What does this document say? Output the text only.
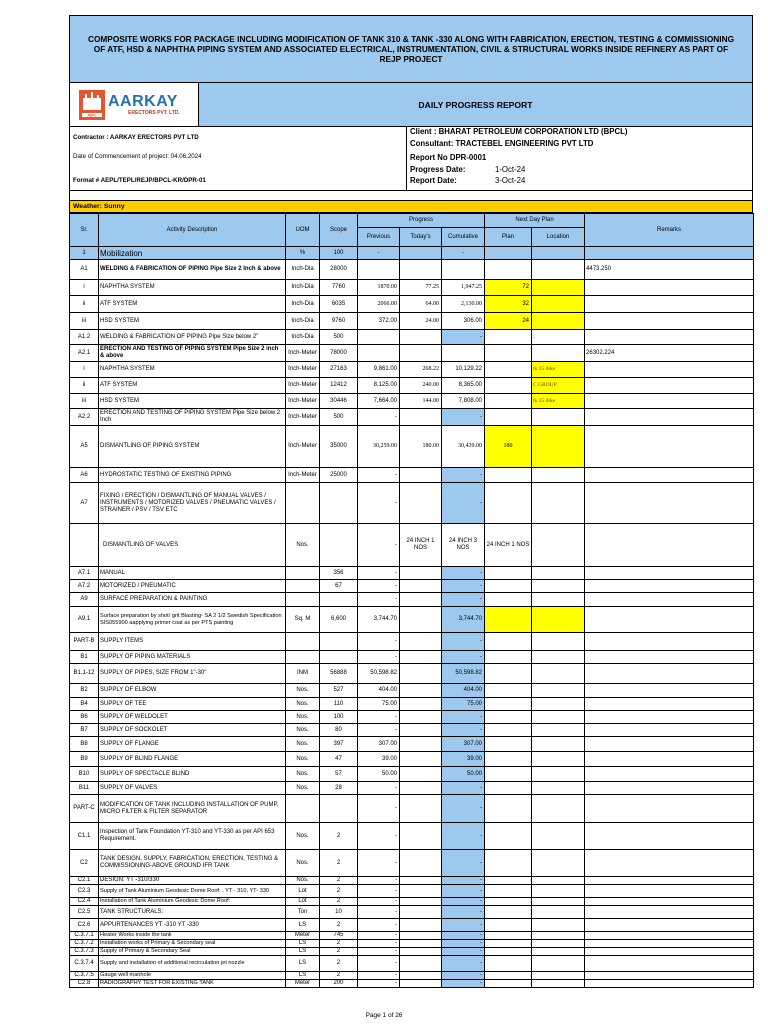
COMPOSITE WORKS FOR PACKAGE INCLUDING MODIFICATION OF TANK 310 & TANK -330 ALONG WITH FABRICATION, ERECTION, TESTING & COMMISSIONING OF ATF, HSD & NAPHTHA PIPING SYSTEM AND ASSOCIATED ELECTRICAL, INSTRUMENTATION, CIVIL & STRUCTURAL WORKS INSIDE REFINERY AS PART OF REJP PROJECT
AEPL
AARKAY
ERECTORS PVT. LTD.
DAILY PROGRESS REPORT
Contractor : AARKAY ERECTORS PVT LTD
Date of Commencement of project: 04.06.2024
Format # AEPL/TEPL/REJP/BPCL-KR/DPR-01
Client : BHARAT PETROLEUM CORPORATION LTD (BPCL)
Consultant: TRACTEBEL ENGINEERING PVT LTD
Report No DPR-0001
Progress Date:	1-Oct-24
Report Date:	3-Oct-24
Weather: Sunny
Sr.	Activity Description	UOM	Scope	Progress			Next Day Plan		Remarks
				Previous	Today's	Cumulative	Plan	Location	
1	Mobilization	%	100	-		-			
A1	WELDING & FABRICATION OF PIPING Pipe Size 2 Inch & above	Inch-Dia	28000						4473.250
i	NAPHTHA SYSTEM	Inch-Dia	7760	1870.00	77.25	1,947.25	72		
ii	ATF SYSTEM	Inch-Dia	6035	2066.00	64.00	2,130.00	32		
iii	HSD SYSTEM	Inch-Dia	9760	372.00	24.00	306.00	24		
A1.2	WELDING & FABRICATION OF PIPING Pipe Size below 2"	Inch-Dia	500			-		.	
A2.1	ERECTION AND TESTING OF PIPING SYSTEM Pipe Size 2 inch & above	Inch-Meter	78000						26302.224
i	NAPHTHA SYSTEM	Inch-Meter	27163	9,861.00	268.22	10,129.22		tk 15 dike	
ii	ATF SYSTEM	Inch-Meter	12412	8,125.00	240.00	8,365.00		C GROUP	
iii	HSD SYSTEM	Inch-Meter	30446	7,664.00	144.00	7,808.00		tk 15 dike	
A2.2	ERECTION AND TESTING OF PIPING SYSTEM Pipe Size below 2 Inch	Inch-Meter	500	-		-			
A5	DISMANTLING OF PIPING SYSTEM	Inch-Meter	35000	30,259.00	180.00	30,439.00	180		
A6	HYDROSTATIC TESTING OF EXISTING PIPING	Inch-Meter	25000	-		-			
A7	FIXING / ERECTION / DISMANTLING OF MANUAL VALVES / INSTRUMENTS / MOTORIZED VALVES / PNEUMATIC VALVES / STRAINER / PSV / TSV ETC			-		-			
	DISMANTLING OF VALVES	Nos.		-	24 INCH 1 NOS	24 INCH 3 NOS	24 INCH 1 NOS		
A7.1	MANUAL		356	-		-			
A7.2	MOTORIZED / PNEUMATIC		67	-		-			
A9	SURFACE PREPARATION & PAINTING			-		-			
A9.1	Surface preparation by shot/ grit Blasting- SA 2 1/2 Swedish Specification SIS055900 aapplying primer coat as per PTS painting	Sq. M	6,600	3,744.70		3,744.70			
PART-B	SUPPLY ITEMS			-		-			
B1	SUPPLY OF PIPING MATERIALS			-		-			
B1.1-12	SUPPLY OF PIPES, SIZE FROM 1"-30"	INM	56888	50,598.82		50,598.82			
B2	SUPPLY OF ELBOW	Nos.	527	404.00		404.00			
B4	SUPPLY OF TEE	Nos.	110	75.00		75.00			
B6	SUPPLY OF WELDOLET	Nos.	100	-		-			
B7	SUPPLY OF SOCKOLET	Nos.	80	-		-			
B8	SUPPLY OF FLANGE	Nos.	397	307.00		307.00			
B9	SUPPLY OF BLIND FLANGE	Nos.	47	39.00		39.00			
B10	SUPPLY OF SPECTACLE BLIND	Nos.	57	50.00		50.00			
B11	SUPPLY OF VALVES	Nos.	28	-		-			
PART-C	MODIFICATION OF TANK INCLUDING INSTALLATION OF PUMP, MICRO FILTER & FILTER SEPARATOR			-		-			
C1.1	Inspection of Tank Foundation YT-310 and YT-330 as per API 653 Requirement.	Nos.	2	-		-			
C2	TANK DESIGN, SUPPLY, FABRICATION, ERECTION, TESTING & COMMISSIONING-ABOVE GROUND IFR TANK	Nos.	2	-		-			
C2.1	DESIGN: YT -310/330	Nos.	2	-		-			
C2.3	Supply of Tank Aluminium Geodesic Dome Roof: . YT - 310, YT- 330	Lot	2	-		-			
C2.4	Installation of Tank Aluminium Geodesic Dome Roof:	Lot	2	-		-			
C2.5	TANK STRUCTURALS:	Ton	10	-		-			
C2.6	APPURTENANCES YT -310 YT -330	LS	2	-		-			
C.3.7.1	Heater Works inside the tank	Meter	745	-		-			
C.3.7.2	Installation works of Primary & Secondary seal	LS	2	-		-			
C.3.7.3	Supply of Primary & Secondary Seal	LS	2	-		-			
C.3.7.4	Supply and installation of additional recirculation jet nozzle	LS	2	-		-			
C.3.7.5	Gauge well manhole	LS	2	-		-			
C2.8	RADIOGRAPHY TEST FOR EXISTING TANK	Meter	200	-		-			
Page 1 of 26
